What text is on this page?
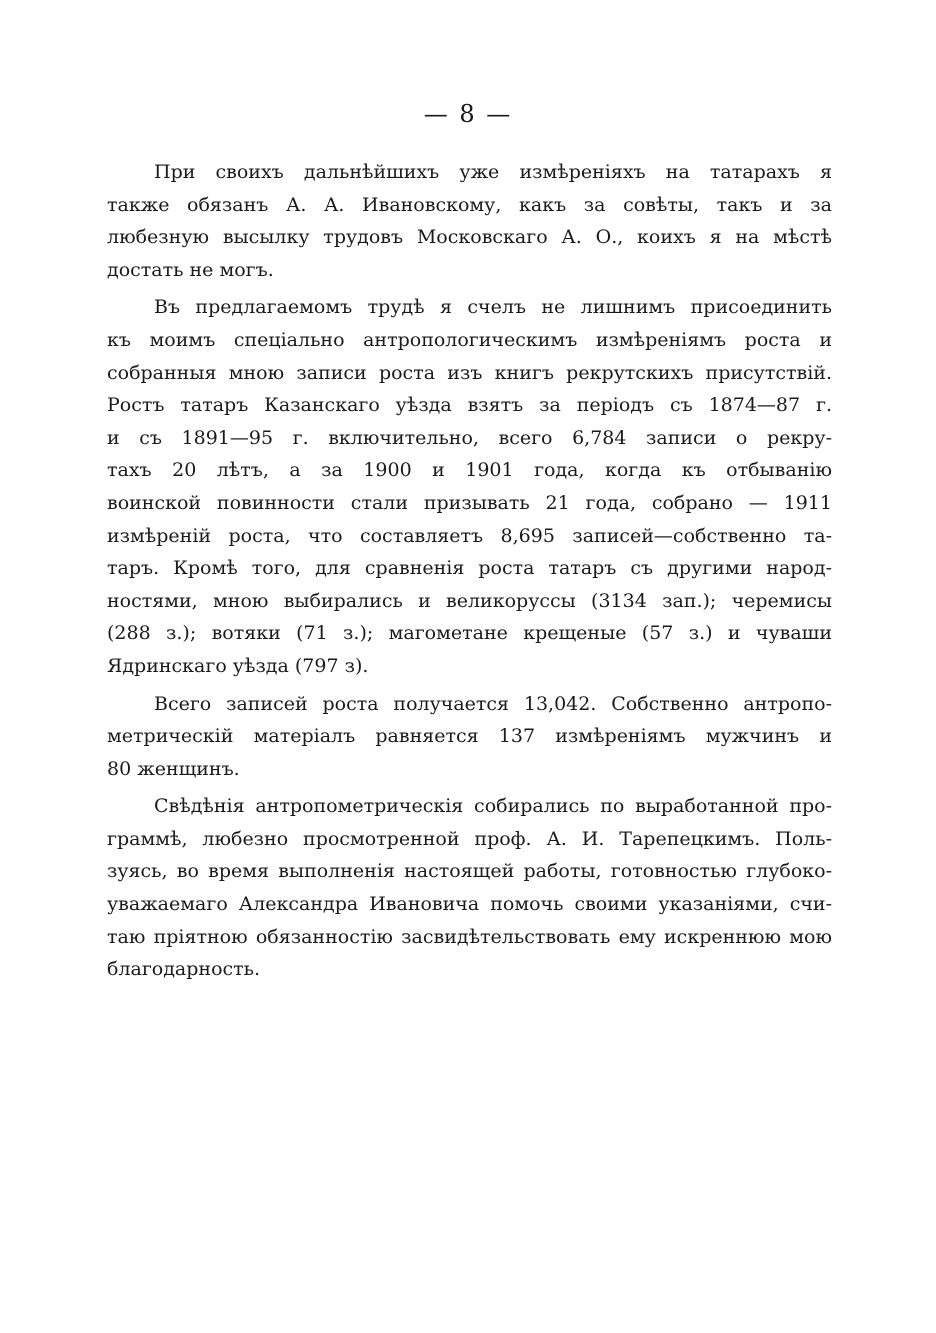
— 8 —
При своихъ дальнѣйшихъ уже измѣреніяхъ на татарахъ я
также обязанъ А. А. Ивановскому, какъ за совѣты, такъ и за
любезную высылку трудовъ Московскаго А. О., коихъ я на мѣстѣ
достать не могъ.
Въ предлагаемомъ трудѣ я счелъ не лишнимъ присоединить
къ моимъ спеціально антропологическимъ измѣреніямъ роста и
собранныя мною записи роста изъ книгъ рекрутскихъ присутствій.
Ростъ татаръ Казанскаго уѣзда взятъ за періодъ съ 1874—87 г.
и съ 1891—95 г. включительно, всего 6,784 записи о рекру-
тахъ 20 лѣтъ, а за 1900 и 1901 года, когда къ отбыванію
воинской повинности стали призывать 21 года, собрано — 1911
измѣреній роста, что составляетъ 8,695 записей—собственно та-
таръ. Кромѣ того, для сравненія роста татаръ съ другими народ-
ностями, мною выбирались и великоруссы (3134 зап.); черемисы
(288 з.); вотяки (71 з.); магометане крещеные (57 з.) и чуваши
Ядринскаго уѣзда (797 з).
Всего записей роста получается 13,042. Собственно антропо-
метрическій матеріалъ равняется 137 измѣреніямъ мужчинъ и
80 женщинъ.
Свѣдѣнія антропометрическія собирались по выработанной про-
граммѣ, любезно просмотренной проф. А. И. Тарепецкимъ. Поль-
зуясь, во время выполненія настоящей работы, готовностью глубоко-
уважаемаго Александра Ивановича помочь своими указаніями, счи-
таю пріятною обязанностію засвидѣтельствовать ему искреннюю мою
благодарность.
